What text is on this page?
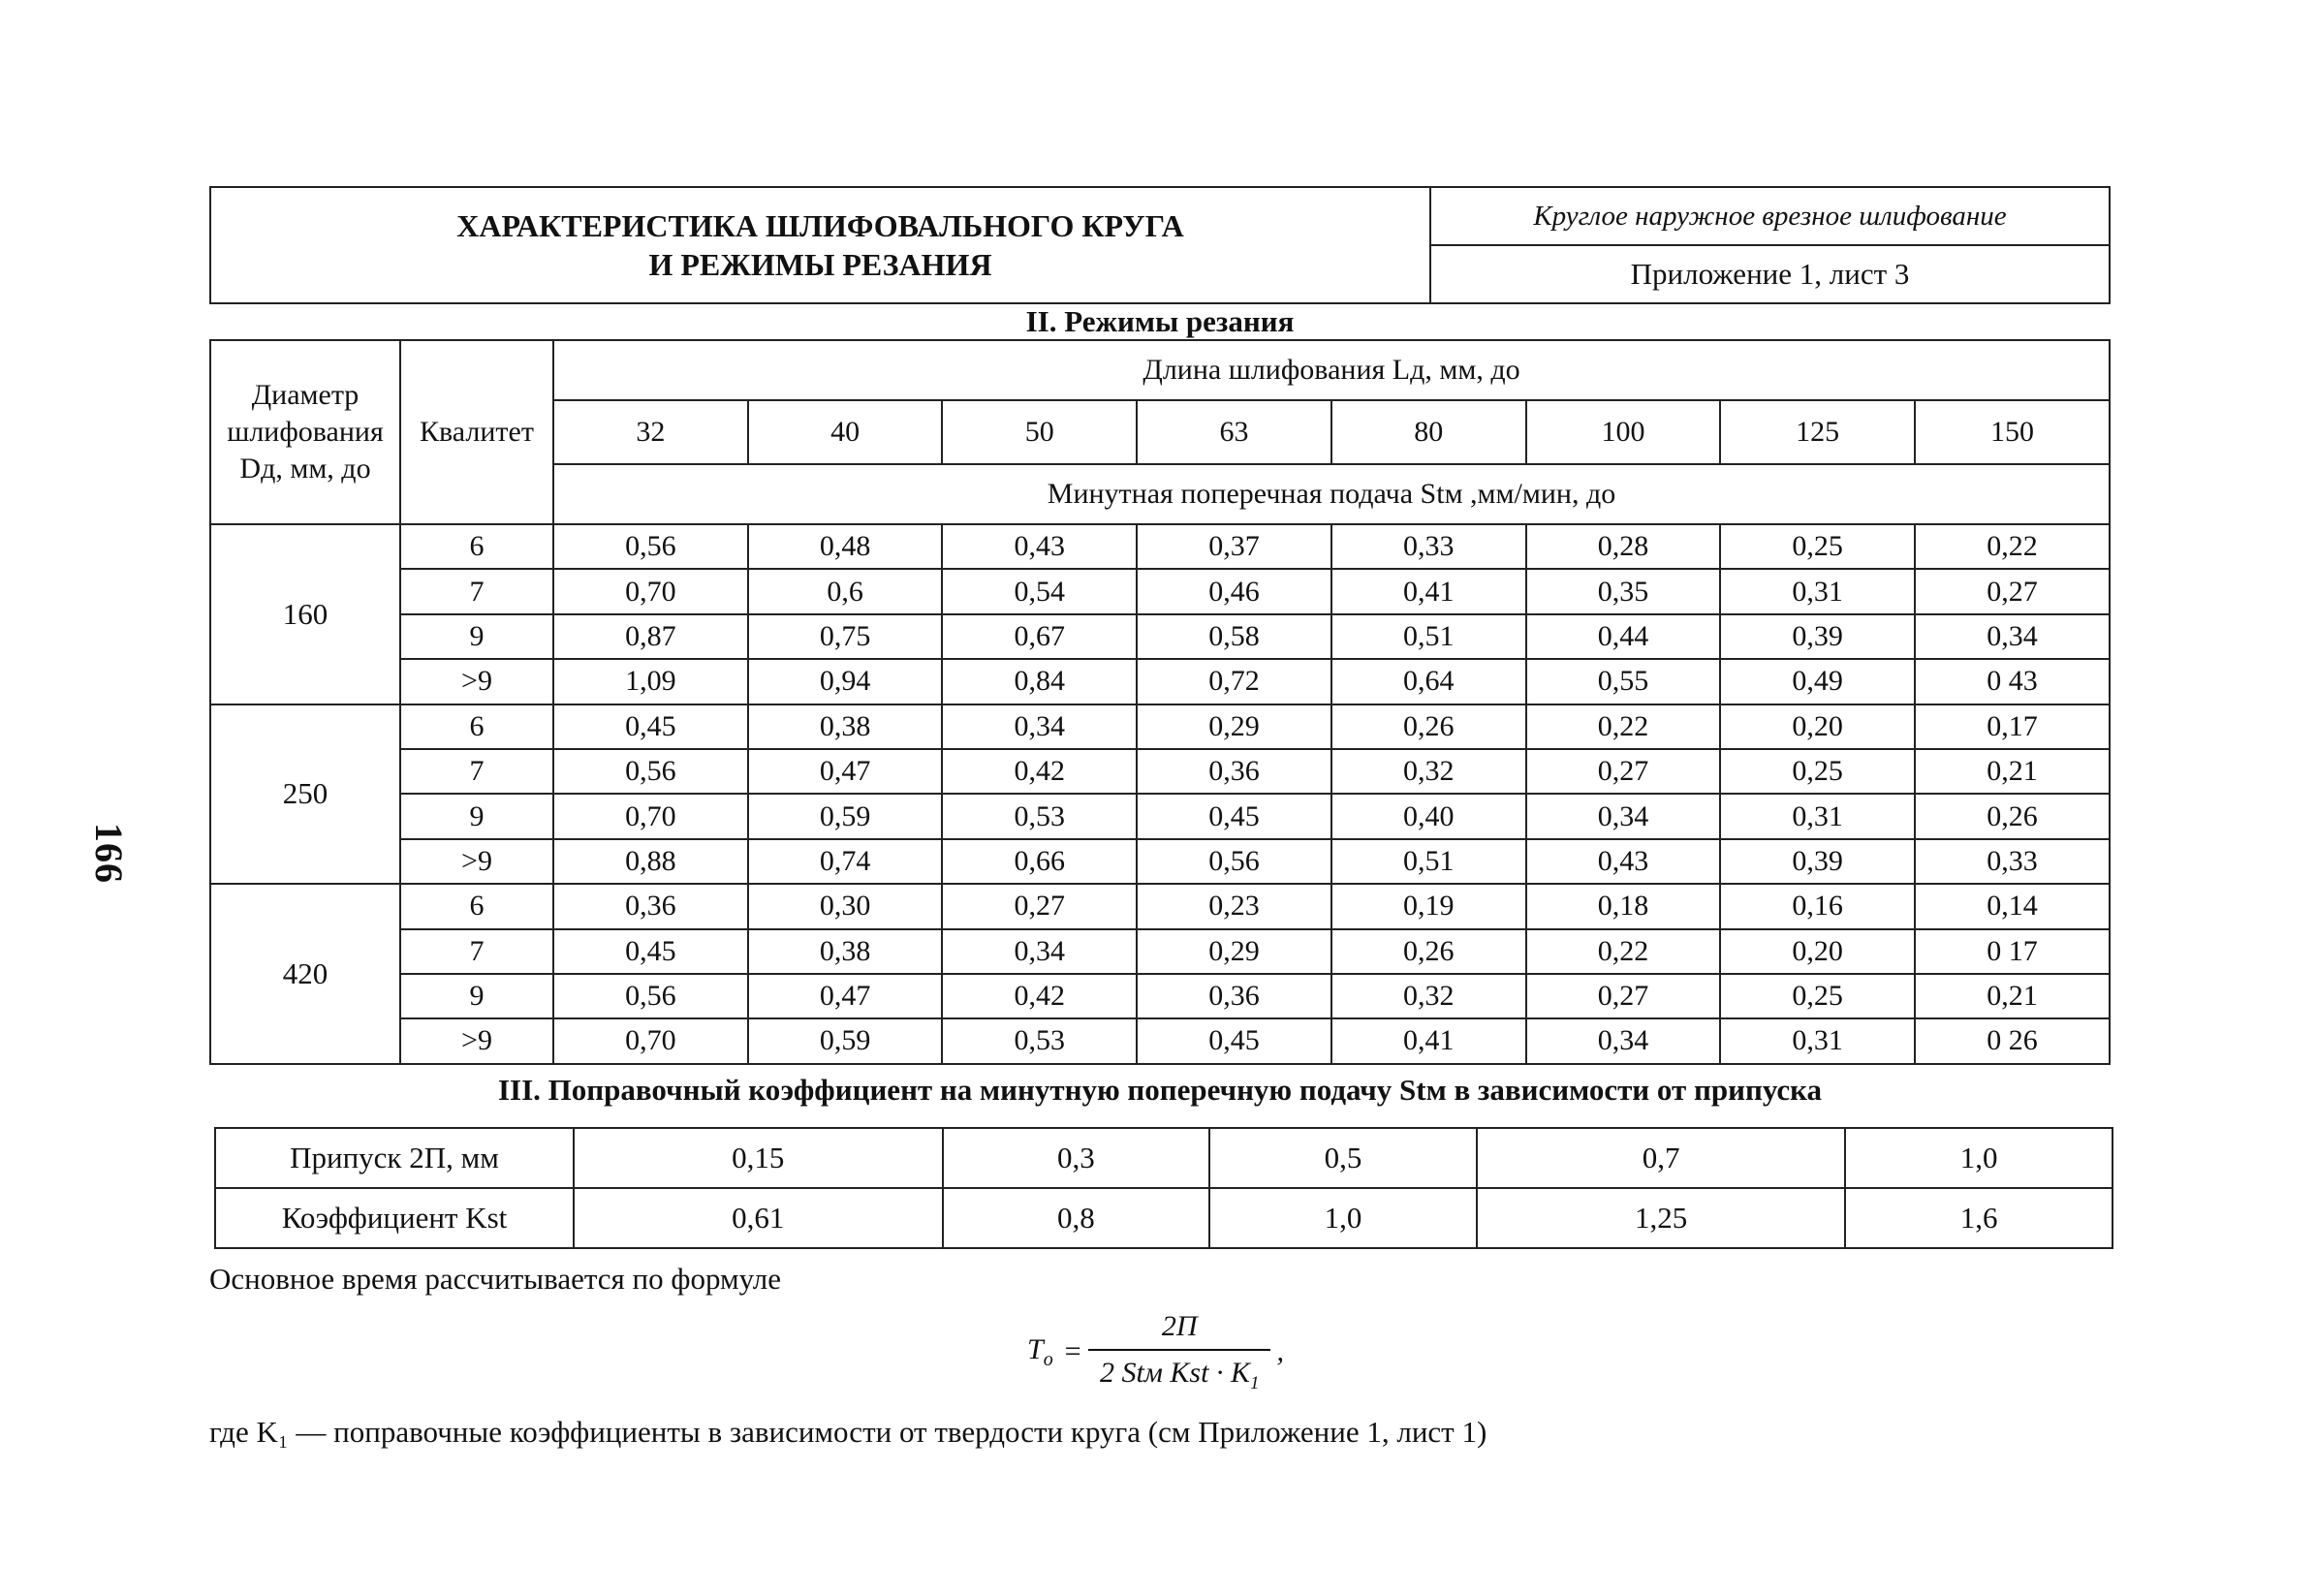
166
ХАРАКТЕРИСТИКА ШЛИФОВАЛЬНОГО КРУГА
И РЕЖИМЫ РЕЗАНИЯ
	Круглое наружное врезное шлифование
Приложение 1, лист 3
II. Режимы резания
Диаметр
шлифования
Dд, мм, до	Квалитет	Длина шлифования Lд, мм, до							
		32	40	50	63	80	100	125	150
		Минутная поперечная подача Stм ,мм/мин, до							
160	6	0,56	0,48	0,43	0,37	0,33	0,28	0,25	0,22
	7	0,70	0,6	0,54	0,46	0,41	0,35	0,31	0,27
	9	0,87	0,75	0,67	0,58	0,51	0,44	0,39	0,34
	>9	1,09	0,94	0,84	0,72	0,64	0,55	0,49	0 43
250	6	0,45	0,38	0,34	0,29	0,26	0,22	0,20	0,17
	7	0,56	0,47	0,42	0,36	0,32	0,27	0,25	0,21
	9	0,70	0,59	0,53	0,45	0,40	0,34	0,31	0,26
	>9	0,88	0,74	0,66	0,56	0,51	0,43	0,39	0,33
420	6	0,36	0,30	0,27	0,23	0,19	0,18	0,16	0,14
	7	0,45	0,38	0,34	0,29	0,26	0,22	0,20	0 17
	9	0,56	0,47	0,42	0,36	0,32	0,27	0,25	0,21
	>9	0,70	0,59	0,53	0,45	0,41	0,34	0,31	0 26
III. Поправочный коэффициент на минутную поперечную подачу Stм в зависимости от припуска
Припуск 2П, мм	0,15	0,3	0,5	0,7	1,0
Коэффициент Kst	0,61	0,8	1,0	1,25	1,6
Основное время рассчитывается по формуле
$T_o = \frac{2П}{2 Stм Kst \cdot K_1}$ ,
где K₁ — поправочные коэффициенты в зависимости от твердости круга (см Приложение 1, лист 1)
